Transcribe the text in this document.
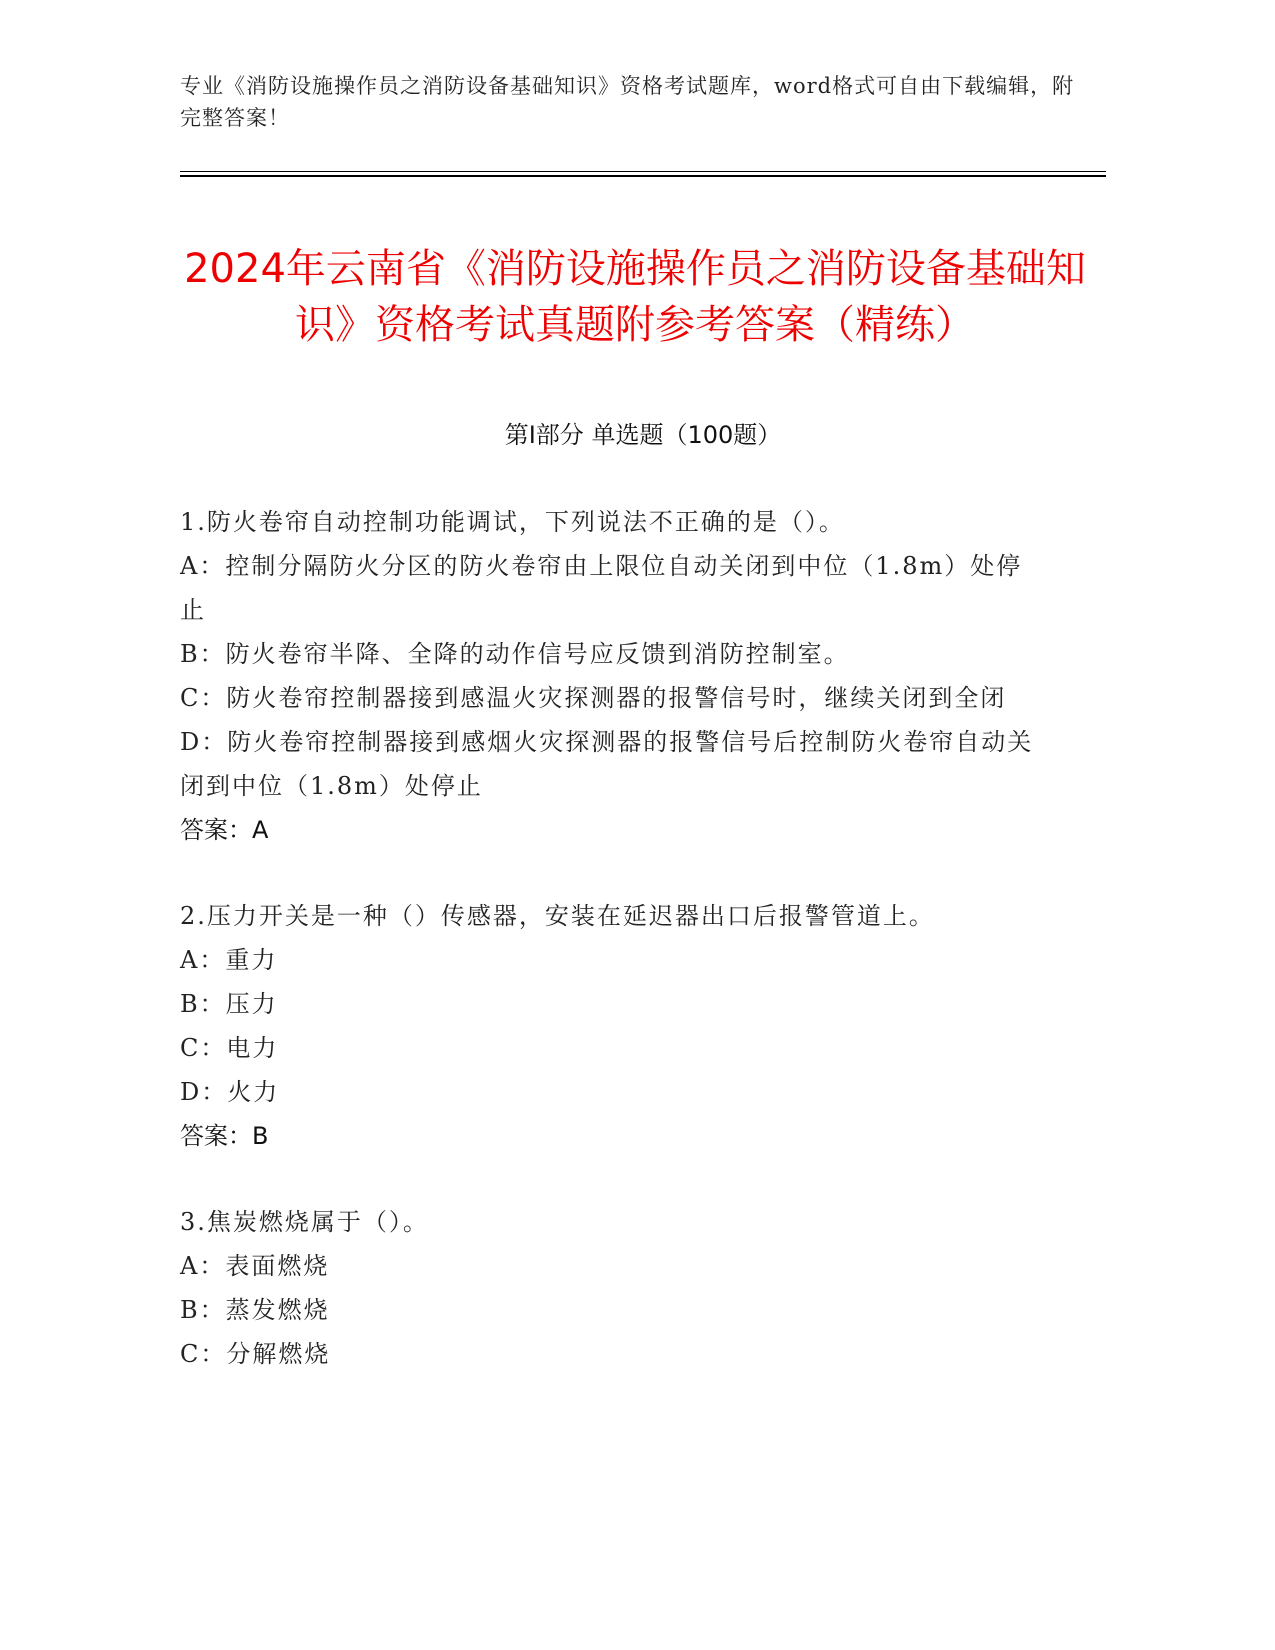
专业《消防设施操作员之消防设备基础知识》资格考试题库，word格式可自由下载编辑，附完整答案！
2024年云南省《消防设施操作员之消防设备基础知识》资格考试真题附参考答案（精练）
第I部分 单选题（100题）

1.防火卷帘自动控制功能调试，下列说法不正确的是（）。

A：控制分隔防火分区的防火卷帘由上限位自动关闭到中位（1.8m）处停止

B：防火卷帘半降、全降的动作信号应反馈到消防控制室。

C：防火卷帘控制器接到感温火灾探测器的报警信号时，继续关闭到全闭

D：防火卷帘控制器接到感烟火灾探测器的报警信号后控制防火卷帘自动关闭到中位（1.8m）处停止

答案：A

2.压力开关是一种（）传感器，安装在延迟器出口后报警管道上。

A：重力

B：压力

C：电力

D：火力

答案：B

3.焦炭燃烧属于（）。

A：表面燃烧

B：蒸发燃烧

C：分解燃烧
